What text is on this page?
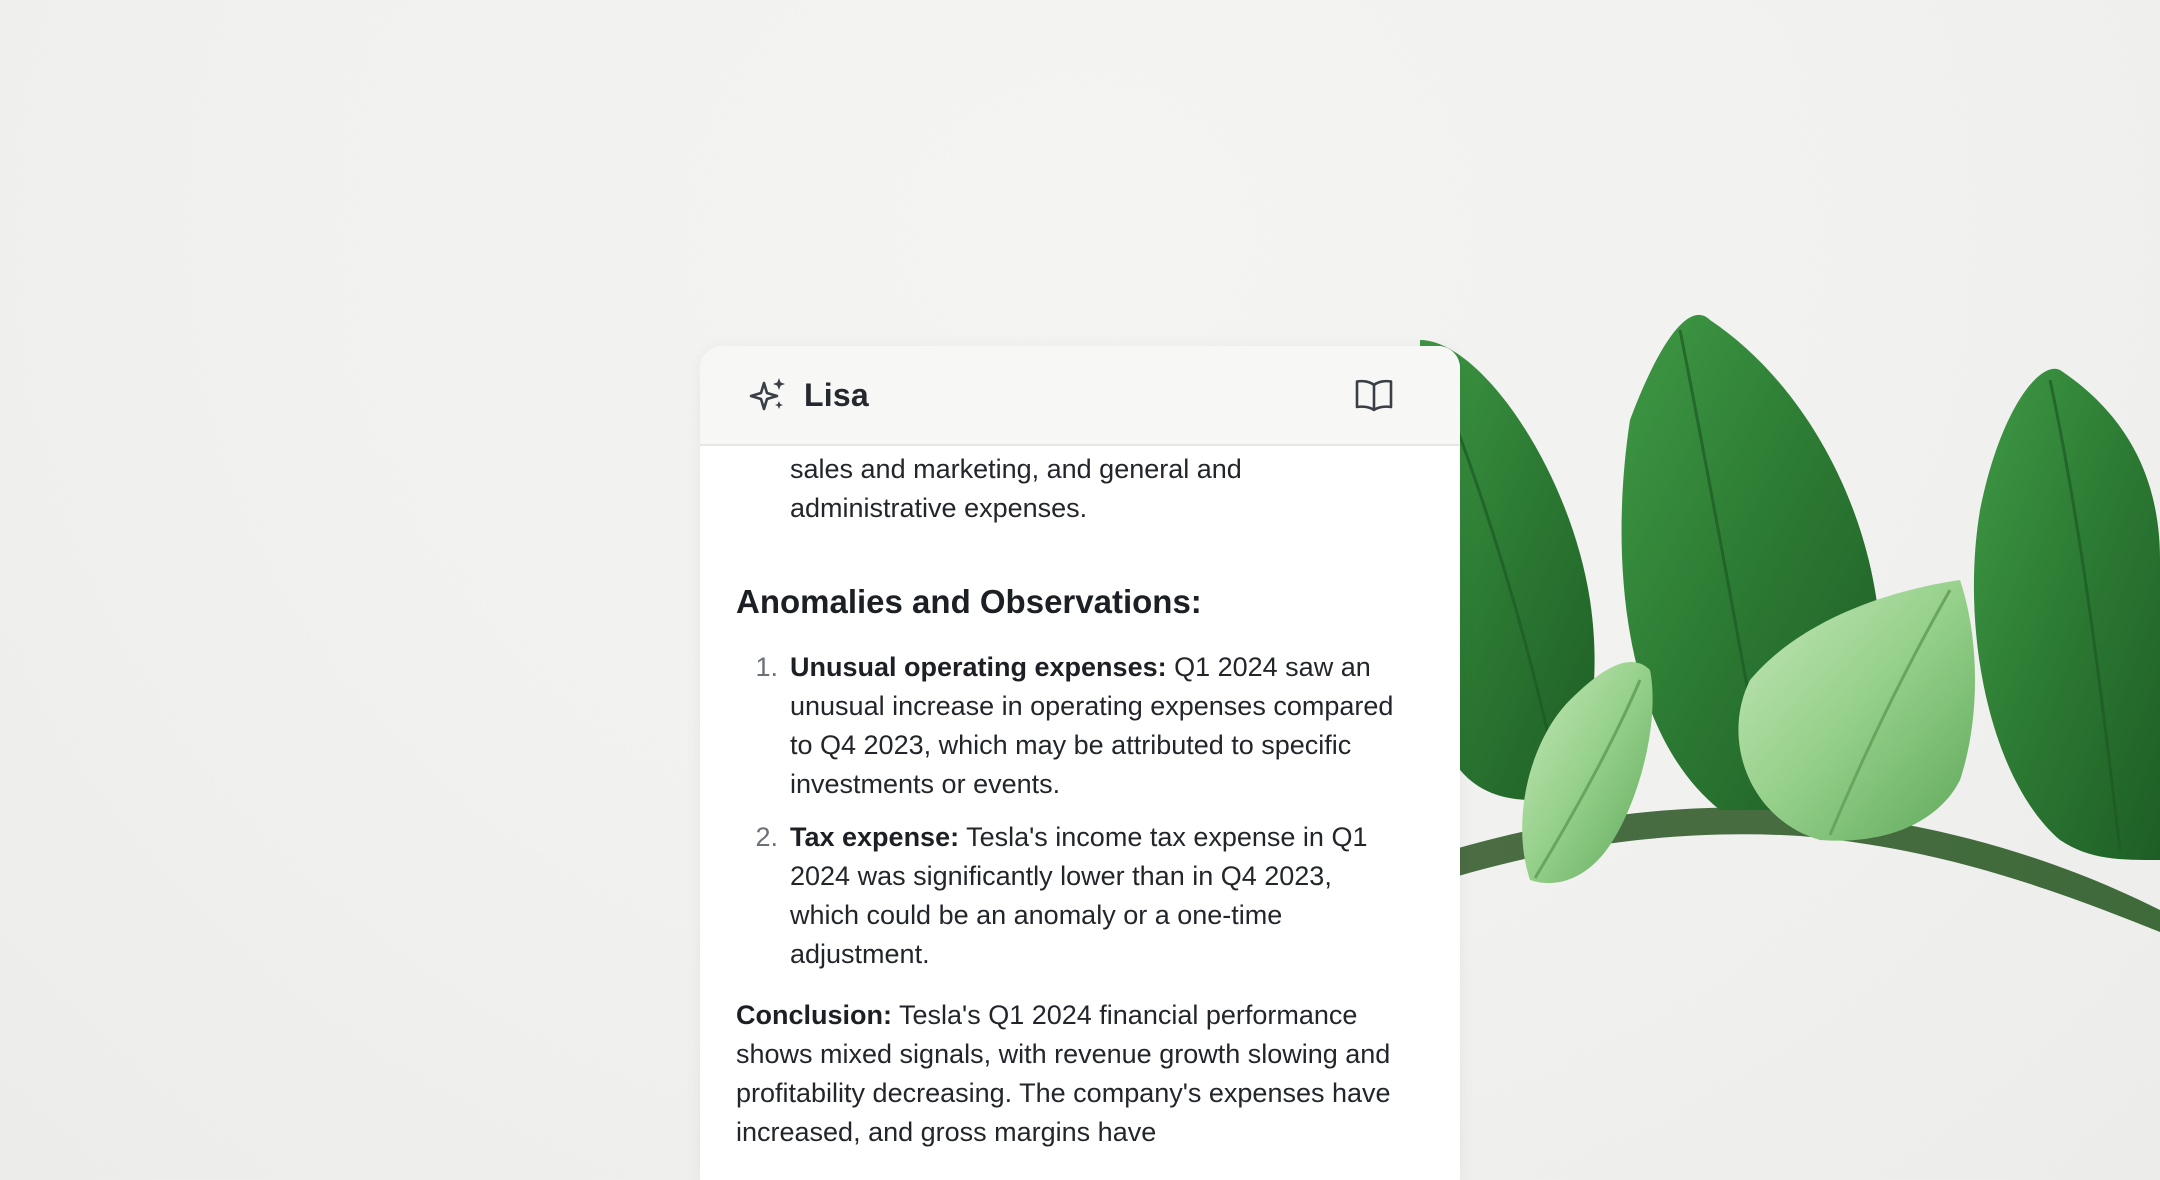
Lisa

sales and marketing, and general and administrative expenses.

Anomalies and Observations:
1. Unusual operating expenses: Q1 2024 saw an unusual increase in operating expenses compared to Q4 2023, which may be attributed to specific investments or events.
2. Tax expense: Tesla's income tax expense in Q1 2024 was significantly lower than in Q4 2023, which could be an anomaly or a one-time adjustment.

Conclusion: Tesla's Q1 2024 financial performance shows mixed signals, with revenue growth slowing and profitability decreasing. The company's expenses have increased, and gross margins have
